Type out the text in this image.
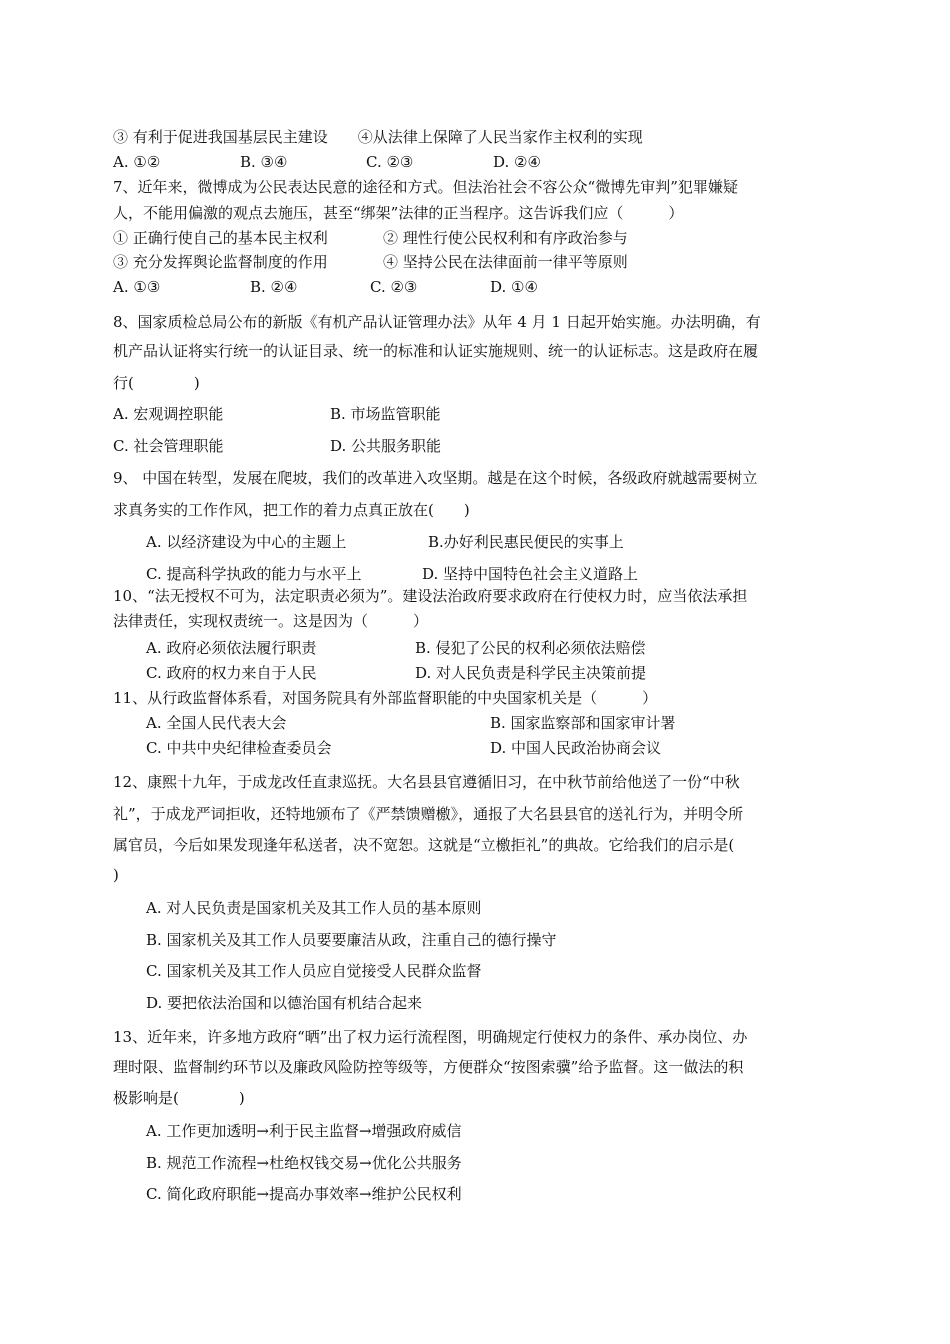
③ 有利于促进我国基层民主建设　　④从法律上保障了人民当家作主权利的实现
A. ①②	B. ③④	C. ②③	D. ②④
7、近年来，微博成为公民表达民意的途径和方式。但法治社会不容公众“微博先审判”犯罪嫌疑
人，不能用偏激的观点去施压，甚至“绑架”法律的正当程序。这告诉我们应（　　　）
① 正确行使自己的基本民主权利	② 理性行使公民权利和有序政治参与
③ 充分发挥舆论监督制度的作用	④ 坚持公民在法律面前一律平等原则
A. ①③	B. ②④	C. ②③	D. ①④
8、国家质检总局公布的新版《有机产品认证管理办法》从年 4 月 1 日起开始实施。办法明确，有
机产品认证将实行统一的认证目录、统一的标准和认证实施规则、统一的认证标志。这是政府在履
行(　　　　)
A. 宏观调控职能	B. 市场监管职能
C. 社会管理职能	D. 公共服务职能
9、 中国在转型，发展在爬坡，我们的改革进入攻坚期。越是在这个时候，各级政府就越需要树立
求真务实的工作作风，把工作的着力点真正放在(　　)
A. 以经济建设为中心的主题上	B.办好利民惠民便民的实事上
C. 提高科学执政的能力与水平上	D. 坚持中国特色社会主义道路上
10、“法无授权不可为，法定职责必须为”。建设法治政府要求政府在行使权力时，应当依法承担
法律责任，实现权责统一。这是因为（　　　）
A. 政府必须依法履行职责	B. 侵犯了公民的权利必须依法赔偿
C. 政府的权力来自于人民	D. 对人民负责是科学民主决策前提
11、从行政监督体系看，对国务院具有外部监督职能的中央国家机关是（　　　）
A. 全国人民代表大会	B. 国家监察部和国家审计署
C. 中共中央纪律检查委员会	D. 中国人民政治协商会议
12、康熙十九年，于成龙改任直隶巡抚。大名县县官遵循旧习，在中秋节前给他送了一份“中秋
礼”，于成龙严词拒收，还特地颁布了《严禁馈赠檄》，通报了大名县县官的送礼行为，并明令所
属官员，今后如果发现逢年私送者，决不宽恕。这就是“立檄拒礼”的典故。它给我们的启示是(
)
A. 对人民负责是国家机关及其工作人员的基本原则
B. 国家机关及其工作人员要要廉洁从政，注重自己的德行操守
C. 国家机关及其工作人员应自觉接受人民群众监督
D. 要把依法治国和以德治国有机结合起来
13、近年来，许多地方政府“晒”出了权力运行流程图，明确规定行使权力的条件、承办岗位、办
理时限、监督制约环节以及廉政风险防控等级等，方便群众“按图索骥”给予监督。这一做法的积
极影响是(　　　　)
A. 工作更加透明→利于民主监督→增强政府威信
B. 规范工作流程→杜绝权钱交易→优化公共服务
C. 简化政府职能→提高办事效率→维护公民权利
